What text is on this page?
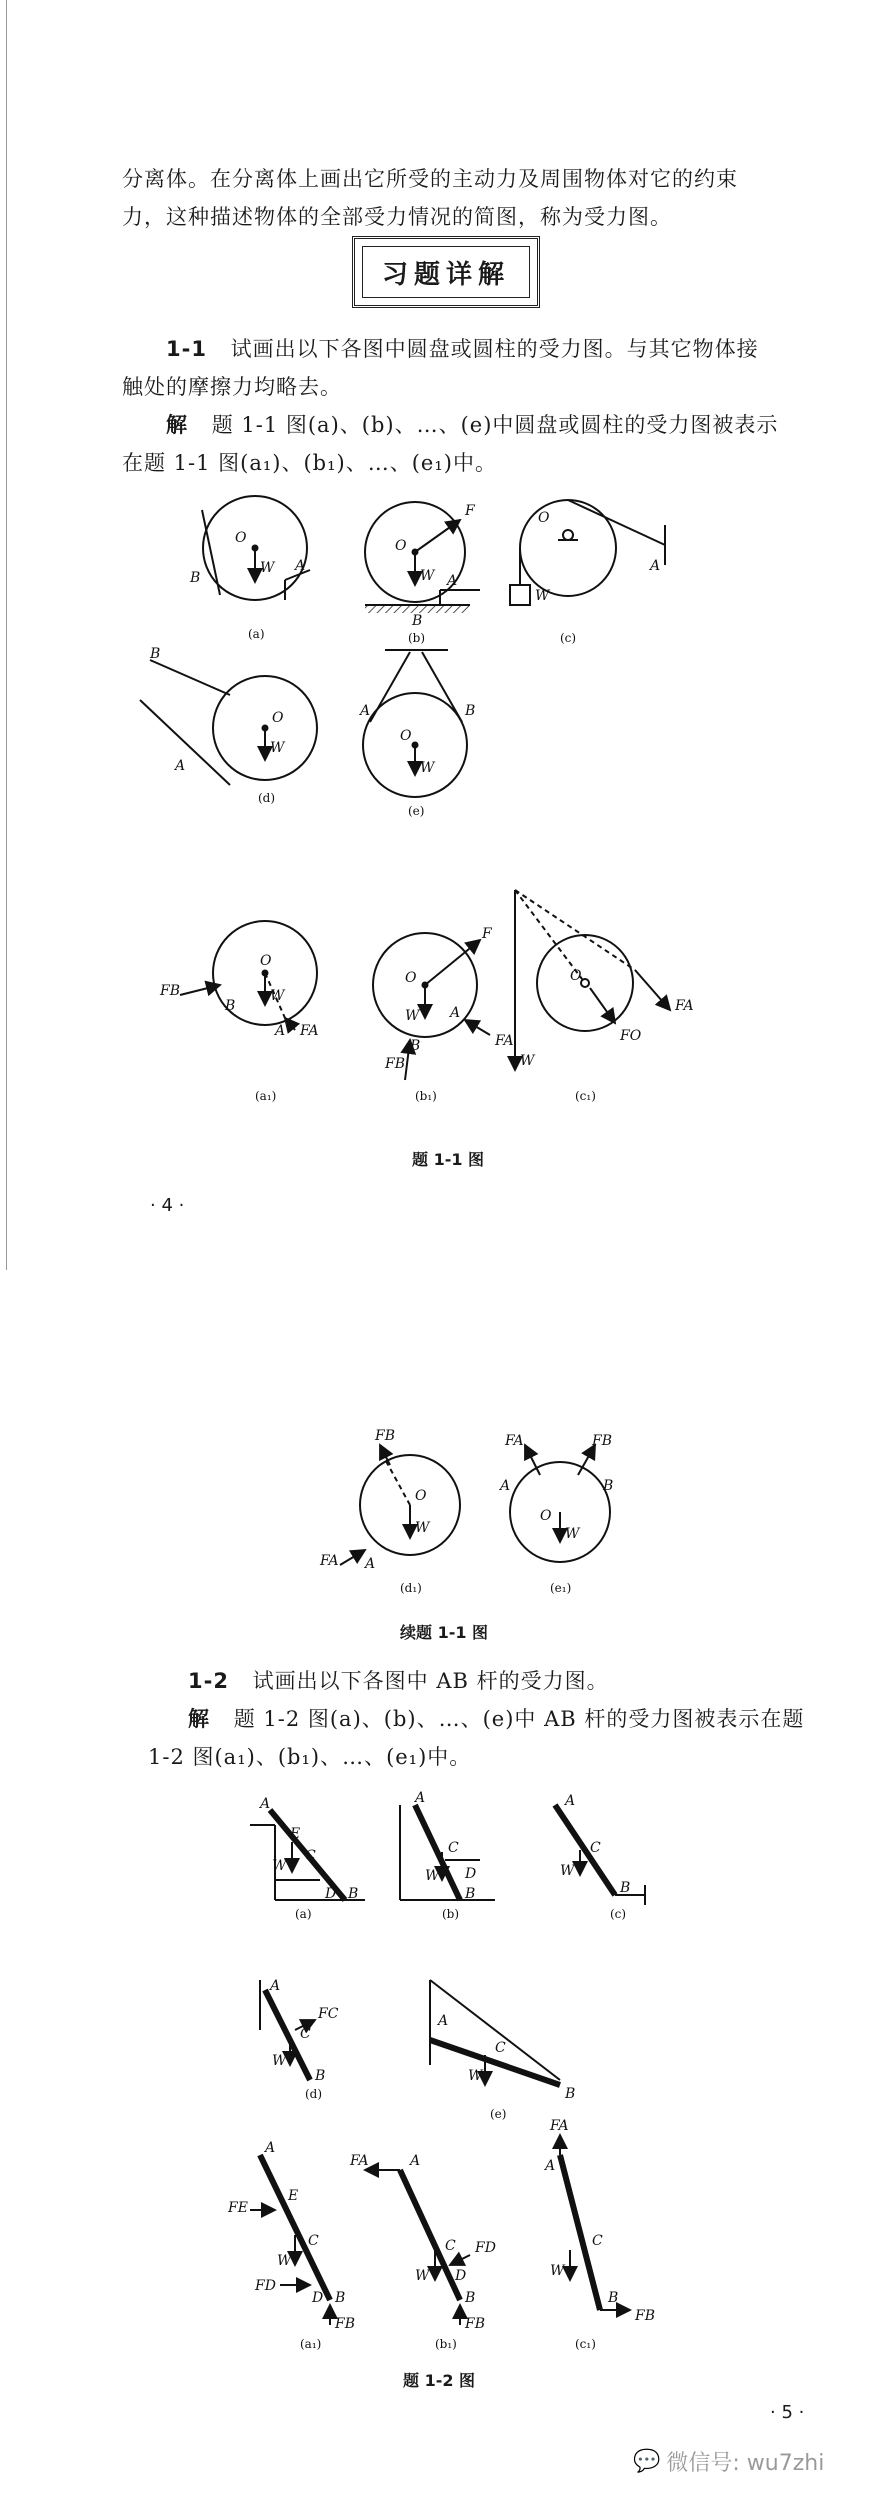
分离体。在分离体上画出它所受的主动力及周围物体对它的约束

力，这种描述物体的全部受力情况的简图，称为受力图。

习题详解

1-1 试画出以下各图中圆盘或圆柱的受力图。与其它物体接

触处的摩擦力均略去。

解 题 1-1 图(a)、(b)、…、(e)中圆盘或圆柱的受力图被表示

在题 1-1 图(a₁)、(b₁)、…、(e₁)中。

O
W A
B
O
W
F
A
B
O
W
A
B
O
W
A
A	B
O
W
O
W
FB
B
A FA
O
W
F
A
FA
B
FB
O
W
FA
FO
(a)	(b)	(c)
(d)
(e)
(a₁)	(b₁)	(c₁)
题 1-1 图
· 4 ·
FB
O
W
FA A
FA	FB
A	B
O
W
(d₁)	(e₁)
续题 1-1 图

1-2 试画出以下各图中 AB 杆的受力图。

解 题 1-2 图(a)、(b)、…、(e)中 AB 杆的受力图被表示在题

1-2 图(a₁)、(b₁)、…、(e₁)中。

A
E
C
W
D B
A
C
W D
B
A
C
W
B
A
C
FC
W
B
A
C
W
B
A
FE
E
C
W
FD
D B
FB
FA	A
C FD
W D
B
FB
FA
A
C
W
B
FB
(a)	(b)	(c)
(d)
(e)
(a₁)	(b₁)	(c₁)
题 1-2 图
· 5 ·
💬 微信号: wu7zhi
